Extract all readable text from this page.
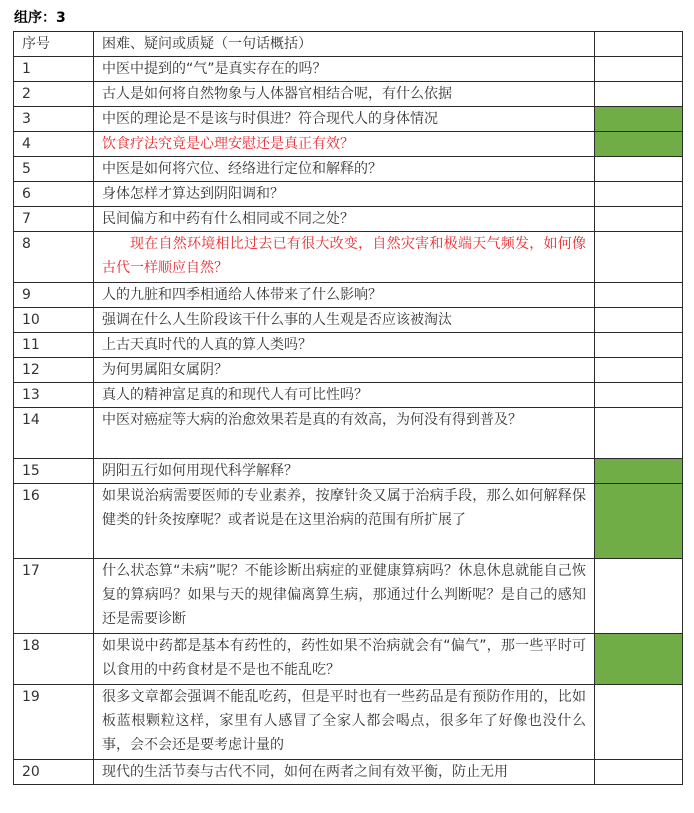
组序：3
序号	困难、疑问或质疑（一句话概括）	
1	中医中提到的“气”是真实存在的吗？	
2	古人是如何将自然物象与人体器官相结合呢，有什么依据	
3	中医的理论是不是该与时俱进？符合现代人的身体情况	
4	饮食疗法究竟是心理安慰还是真正有效？	
5	中医是如何将穴位、经络进行定位和解释的？	
6	身体怎样才算达到阴阳调和？	
7	民间偏方和中药有什么相同或不同之处？	
8	现在自然环境相比过去已有很大改变，自然灾害和极端天气频发，如何像古代一样顺应自然？	
9	人的九脏和四季相通给人体带来了什么影响？	
10	强调在什么人生阶段该干什么事的人生观是否应该被淘汰	
11	上古天真时代的人真的算人类吗？	
12	为何男属阳女属阴？	
13	真人的精神富足真的和现代人有可比性吗？	
14	中医对癌症等大病的治愈效果若是真的有效高，为何没有得到普及？	
15	阴阳五行如何用现代科学解释？	
16	如果说治病需要医师的专业素养，按摩针灸又属于治病手段，那么如何解释保健类的针灸按摩呢？或者说是在这里治病的范围有所扩展了	
17	什么状态算“未病”呢？不能诊断出病症的亚健康算病吗？休息休息就能自己恢复的算病吗？如果与天的规律偏离算生病，那通过什么判断呢？是自己的感知还是需要诊断	
18	如果说中药都是基本有药性的，药性如果不治病就会有“偏气”，那一些平时可以食用的中药食材是不是也不能乱吃？	
19	很多文章都会强调不能乱吃药，但是平时也有一些药品是有预防作用的，比如板蓝根颗粒这样，家里有人感冒了全家人都会喝点，很多年了好像也没什么事，会不会还是要考虑计量的	
20	现代的生活节奏与古代不同，如何在两者之间有效平衡，防止无用	
